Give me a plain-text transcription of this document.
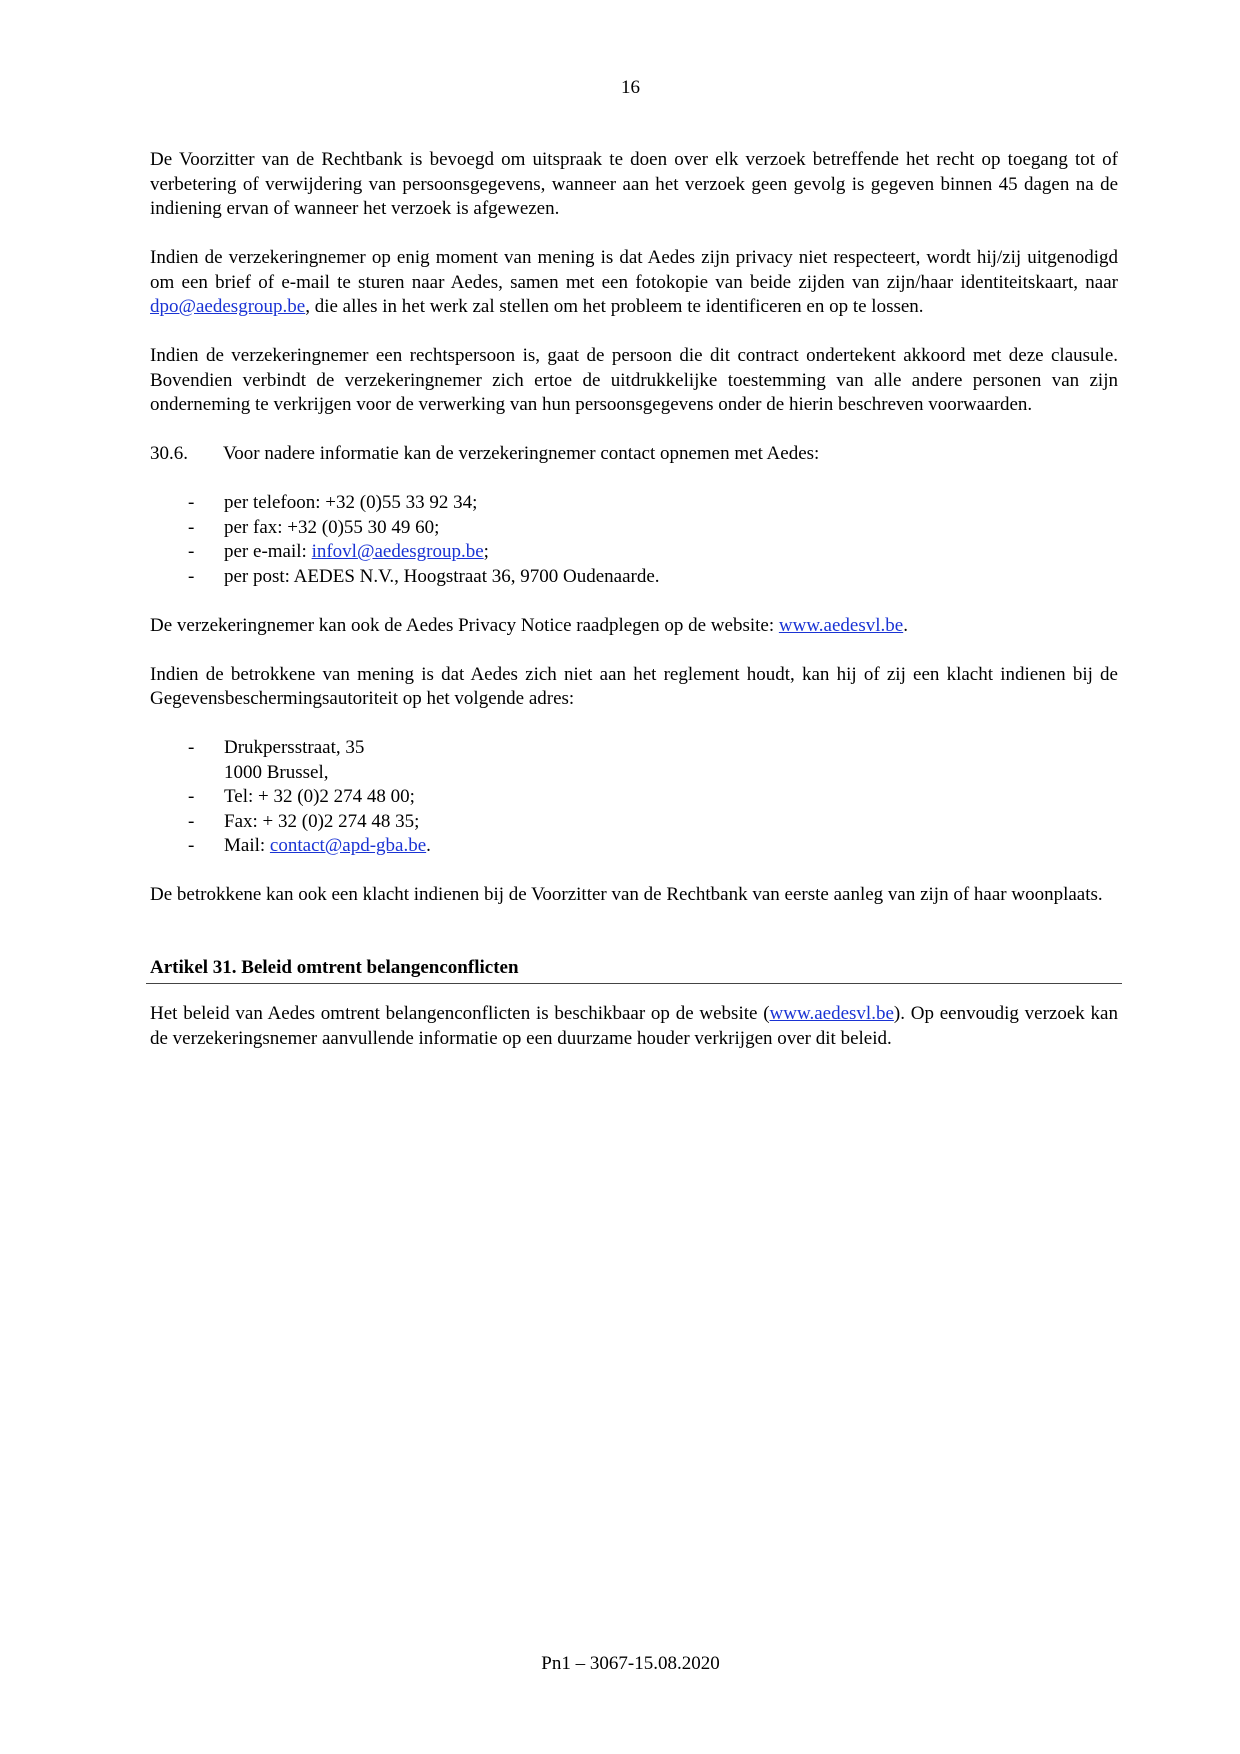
16

De Voorzitter van de Rechtbank is bevoegd om uitspraak te doen over elk verzoek betreffende het recht op toegang tot of verbetering of verwijdering van persoonsgegevens, wanneer aan het verzoek geen gevolg is gegeven binnen 45 dagen na de indiening ervan of wanneer het verzoek is afgewezen.

Indien de verzekeringnemer op enig moment van mening is dat Aedes zijn privacy niet respecteert, wordt hij/zij uitgenodigd om een brief of e-mail te sturen naar Aedes, samen met een fotokopie van beide zijden van zijn/haar identiteitskaart, naar dpo@aedesgroup.be, die alles in het werk zal stellen om het probleem te identificeren en op te lossen.

Indien de verzekeringnemer een rechtspersoon is, gaat de persoon die dit contract ondertekent akkoord met deze clausule. Bovendien verbindt de verzekeringnemer zich ertoe de uitdrukkelijke toestemming van alle andere personen van zijn onderneming te verkrijgen voor de verwerking van hun persoonsgegevens onder de hierin beschreven voorwaarden.

30.6.	Voor nadere informatie kan de verzekeringnemer contact opnemen met Aedes:
-	per telefoon: +32 (0)55 33 92 34;
-	per fax: +32 (0)55 30 49 60;
-	per e-mail: infovl@aedesgroup.be;
-	per post: AEDES N.V., Hoogstraat 36, 9700 Oudenaarde.

De verzekeringnemer kan ook de Aedes Privacy Notice raadplegen op de website: www.aedesvl.be.

Indien de betrokkene van mening is dat Aedes zich niet aan het reglement houdt, kan hij of zij een klacht indienen bij de Gegevensbeschermingsautoriteit op het volgende adres:

-	Drukpersstraat, 35
1000 Brussel,
-	Tel: + 32 (0)2 274 48 00;
-	Fax: + 32 (0)2 274 48 35;
-	Mail: contact@apd-gba.be.

De betrokkene kan ook een klacht indienen bij de Voorzitter van de Rechtbank van eerste aanleg van zijn of haar woonplaats.

Artikel 31. Beleid omtrent belangenconflicten

Het beleid van Aedes omtrent belangenconflicten is beschikbaar op de website (www.aedesvl.be). Op eenvoudig verzoek kan de verzekeringsnemer aanvullende informatie op een duurzame houder verkrijgen over dit beleid.

Pn1 – 3067-15.08.2020
